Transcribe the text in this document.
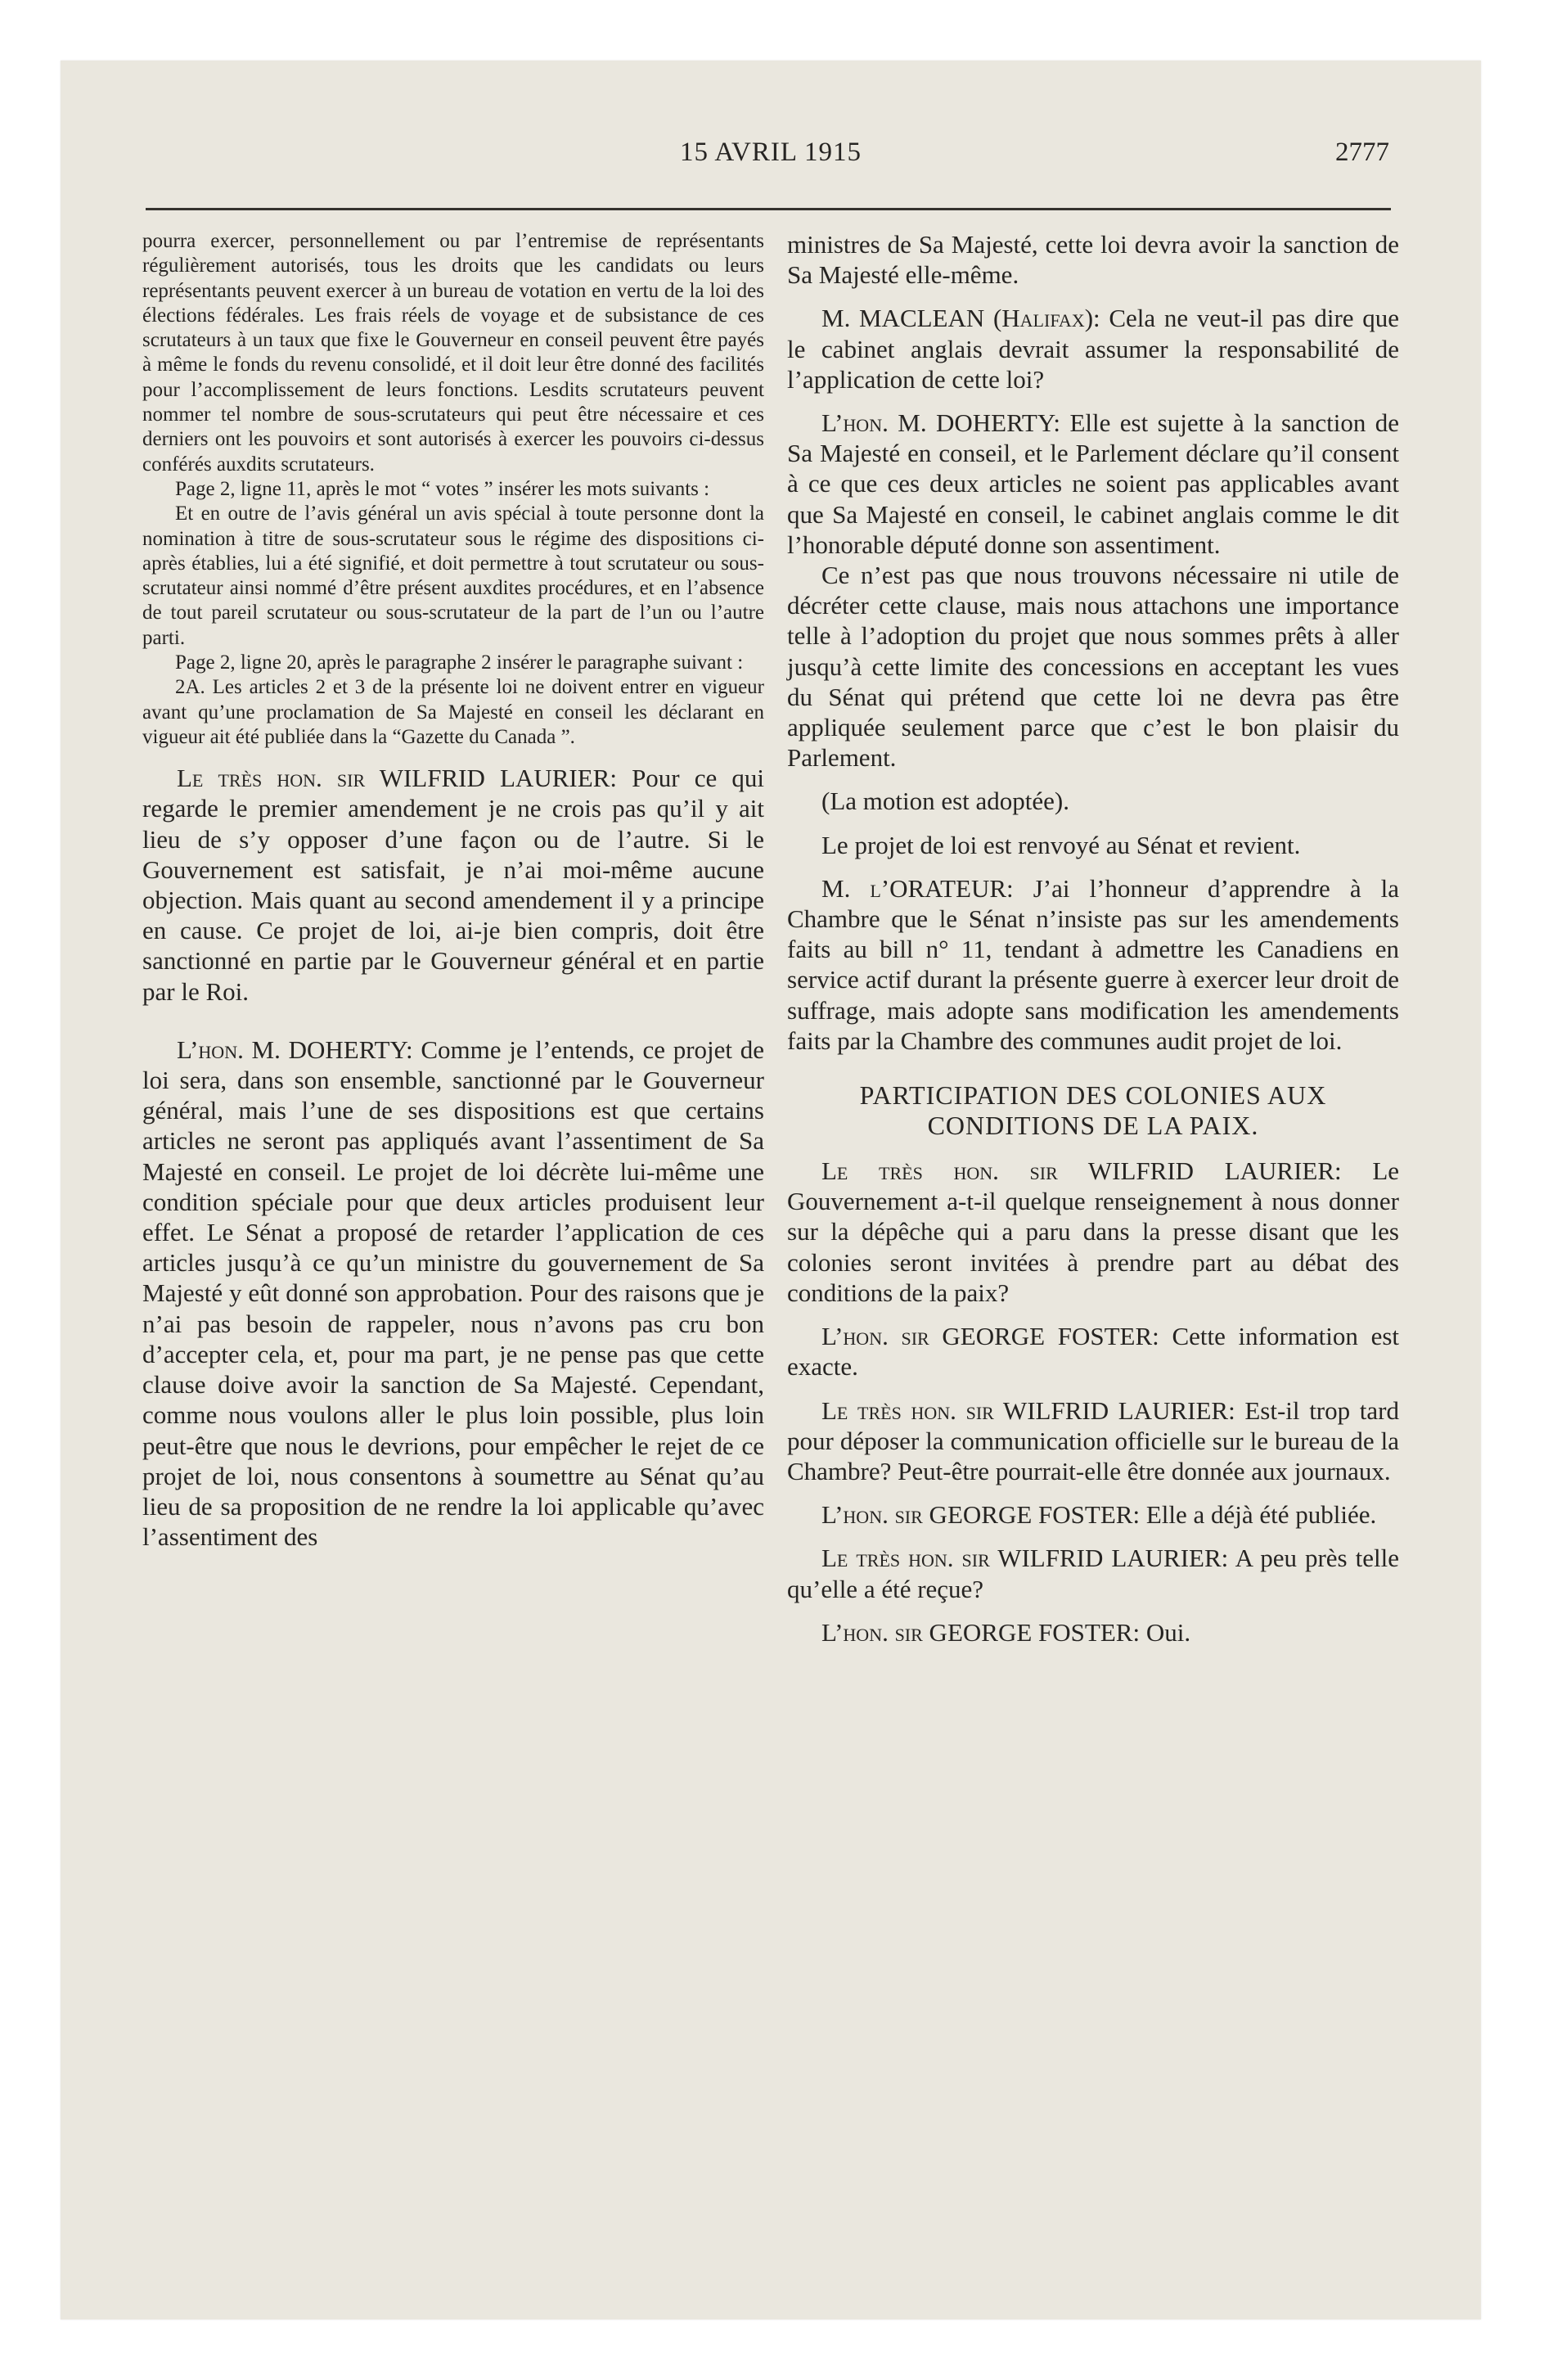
15 AVRIL 1915	2777

pourra exercer, personnellement ou par l’entremise de représentants régulièrement autorisés, tous les droits que les candidats ou leurs représentants peuvent exercer à un bureau de votation en vertu de la loi des élections fédérales. Les frais réels de voyage et de subsistance de ces scrutateurs à un taux que fixe le Gouverneur en conseil peuvent être payés à même le fonds du revenu consolidé, et il doit leur être donné des facilités pour l’accomplissement de leurs fonctions. Lesdits scrutateurs peuvent nommer tel nombre de sous-scrutateurs qui peut être nécessaire et ces derniers ont les pouvoirs et sont autorisés à exercer les pouvoirs ci-dessus conférés auxdits scrutateurs.

Page 2, ligne 11, après le mot “ votes ” insérer les mots suivants :

Et en outre de l’avis général un avis spécial à toute personne dont la nomination à titre de sous-scrutateur sous le régime des dispositions ci-après établies, lui a été signifié, et doit permettre à tout scrutateur ou sous-scrutateur ainsi nommé d’être présent auxdites procédures, et en l’absence de tout pareil scrutateur ou sous-scrutateur de la part de l’un ou l’autre parti.

Page 2, ligne 20, après le paragraphe 2 insérer le paragraphe suivant :

2A. Les articles 2 et 3 de la présente loi ne doivent entrer en vigueur avant qu’une proclamation de Sa Majesté en conseil les déclarant en vigueur ait été publiée dans la “Gazette du Canada ”.

Le très hon. sir WILFRID LAURIER: Pour ce qui regarde le premier amendement je ne crois pas qu’il y ait lieu de s’y opposer d’une façon ou de l’autre. Si le Gouvernement est satisfait, je n’ai moi-même aucune objection. Mais quant au second amendement il y a principe en cause. Ce projet de loi, ai-je bien compris, doit être sanctionné en partie par le Gouverneur général et en partie par le Roi.

L’hon. M. DOHERTY: Comme je l’entends, ce projet de loi sera, dans son ensemble, sanctionné par le Gouverneur général, mais l’une de ses dispositions est que certains articles ne seront pas appliqués avant l’assentiment de Sa Majesté en conseil. Le projet de loi décrète lui-même une condition spéciale pour que deux articles produisent leur effet. Le Sénat a proposé de retarder l’application de ces articles jusqu’à ce qu’un ministre du gouvernement de Sa Majesté y eût donné son approbation. Pour des raisons que je n’ai pas besoin de rappeler, nous n’avons pas cru bon d’accepter cela, et, pour ma part, je ne pense pas que cette clause doive avoir la sanction de Sa Majesté. Cependant, comme nous voulons aller le plus loin possible, plus loin peut-être que nous le devrions, pour empêcher le rejet de ce projet de loi, nous consentons à soumettre au Sénat qu’au lieu de sa proposition de ne rendre la loi applicable qu’avec l’assentiment des

ministres de Sa Majesté, cette loi devra avoir la sanction de Sa Majesté elle-même.

M. MACLEAN (Halifax): Cela ne veut-il pas dire que le cabinet anglais devrait assumer la responsabilité de l’application de cette loi?

L’hon. M. DOHERTY: Elle est sujette à la sanction de Sa Majesté en conseil, et le Parlement déclare qu’il consent à ce que ces deux articles ne soient pas applicables avant que Sa Majesté en conseil, le cabinet anglais comme le dit l’honorable député donne son assentiment.

Ce n’est pas que nous trouvons nécessaire ni utile de décréter cette clause, mais nous attachons une importance telle à l’adoption du projet que nous sommes prêts à aller jusqu’à cette limite des concessions en acceptant les vues du Sénat qui prétend que cette loi ne devra pas être appliquée seulement parce que c’est le bon plaisir du Parlement.

(La motion est adoptée).

Le projet de loi est renvoyé au Sénat et revient.

M. l’ORATEUR: J’ai l’honneur d’apprendre à la Chambre que le Sénat n’insiste pas sur les amendements faits au bill n° 11, tendant à admettre les Canadiens en service actif durant la présente guerre à exercer leur droit de suffrage, mais adopte sans modification les amendements faits par la Chambre des communes audit projet de loi.

PARTICIPATION DES COLONIES AUX
CONDITIONS DE LA PAIX.

Le très hon. sir WILFRID LAURIER: Le Gouvernement a-t-il quelque renseignement à nous donner sur la dépêche qui a paru dans la presse disant que les colonies seront invitées à prendre part au débat des conditions de la paix?

L’hon. sir GEORGE FOSTER: Cette information est exacte.

Le très hon. sir WILFRID LAURIER: Est-il trop tard pour déposer la communication officielle sur le bureau de la Chambre? Peut-être pourrait-elle être donnée aux journaux.

L’hon. sir GEORGE FOSTER: Elle a déjà été publiée.

Le très hon. sir WILFRID LAURIER: A peu près telle qu’elle a été reçue?

L’hon. sir GEORGE FOSTER: Oui.
